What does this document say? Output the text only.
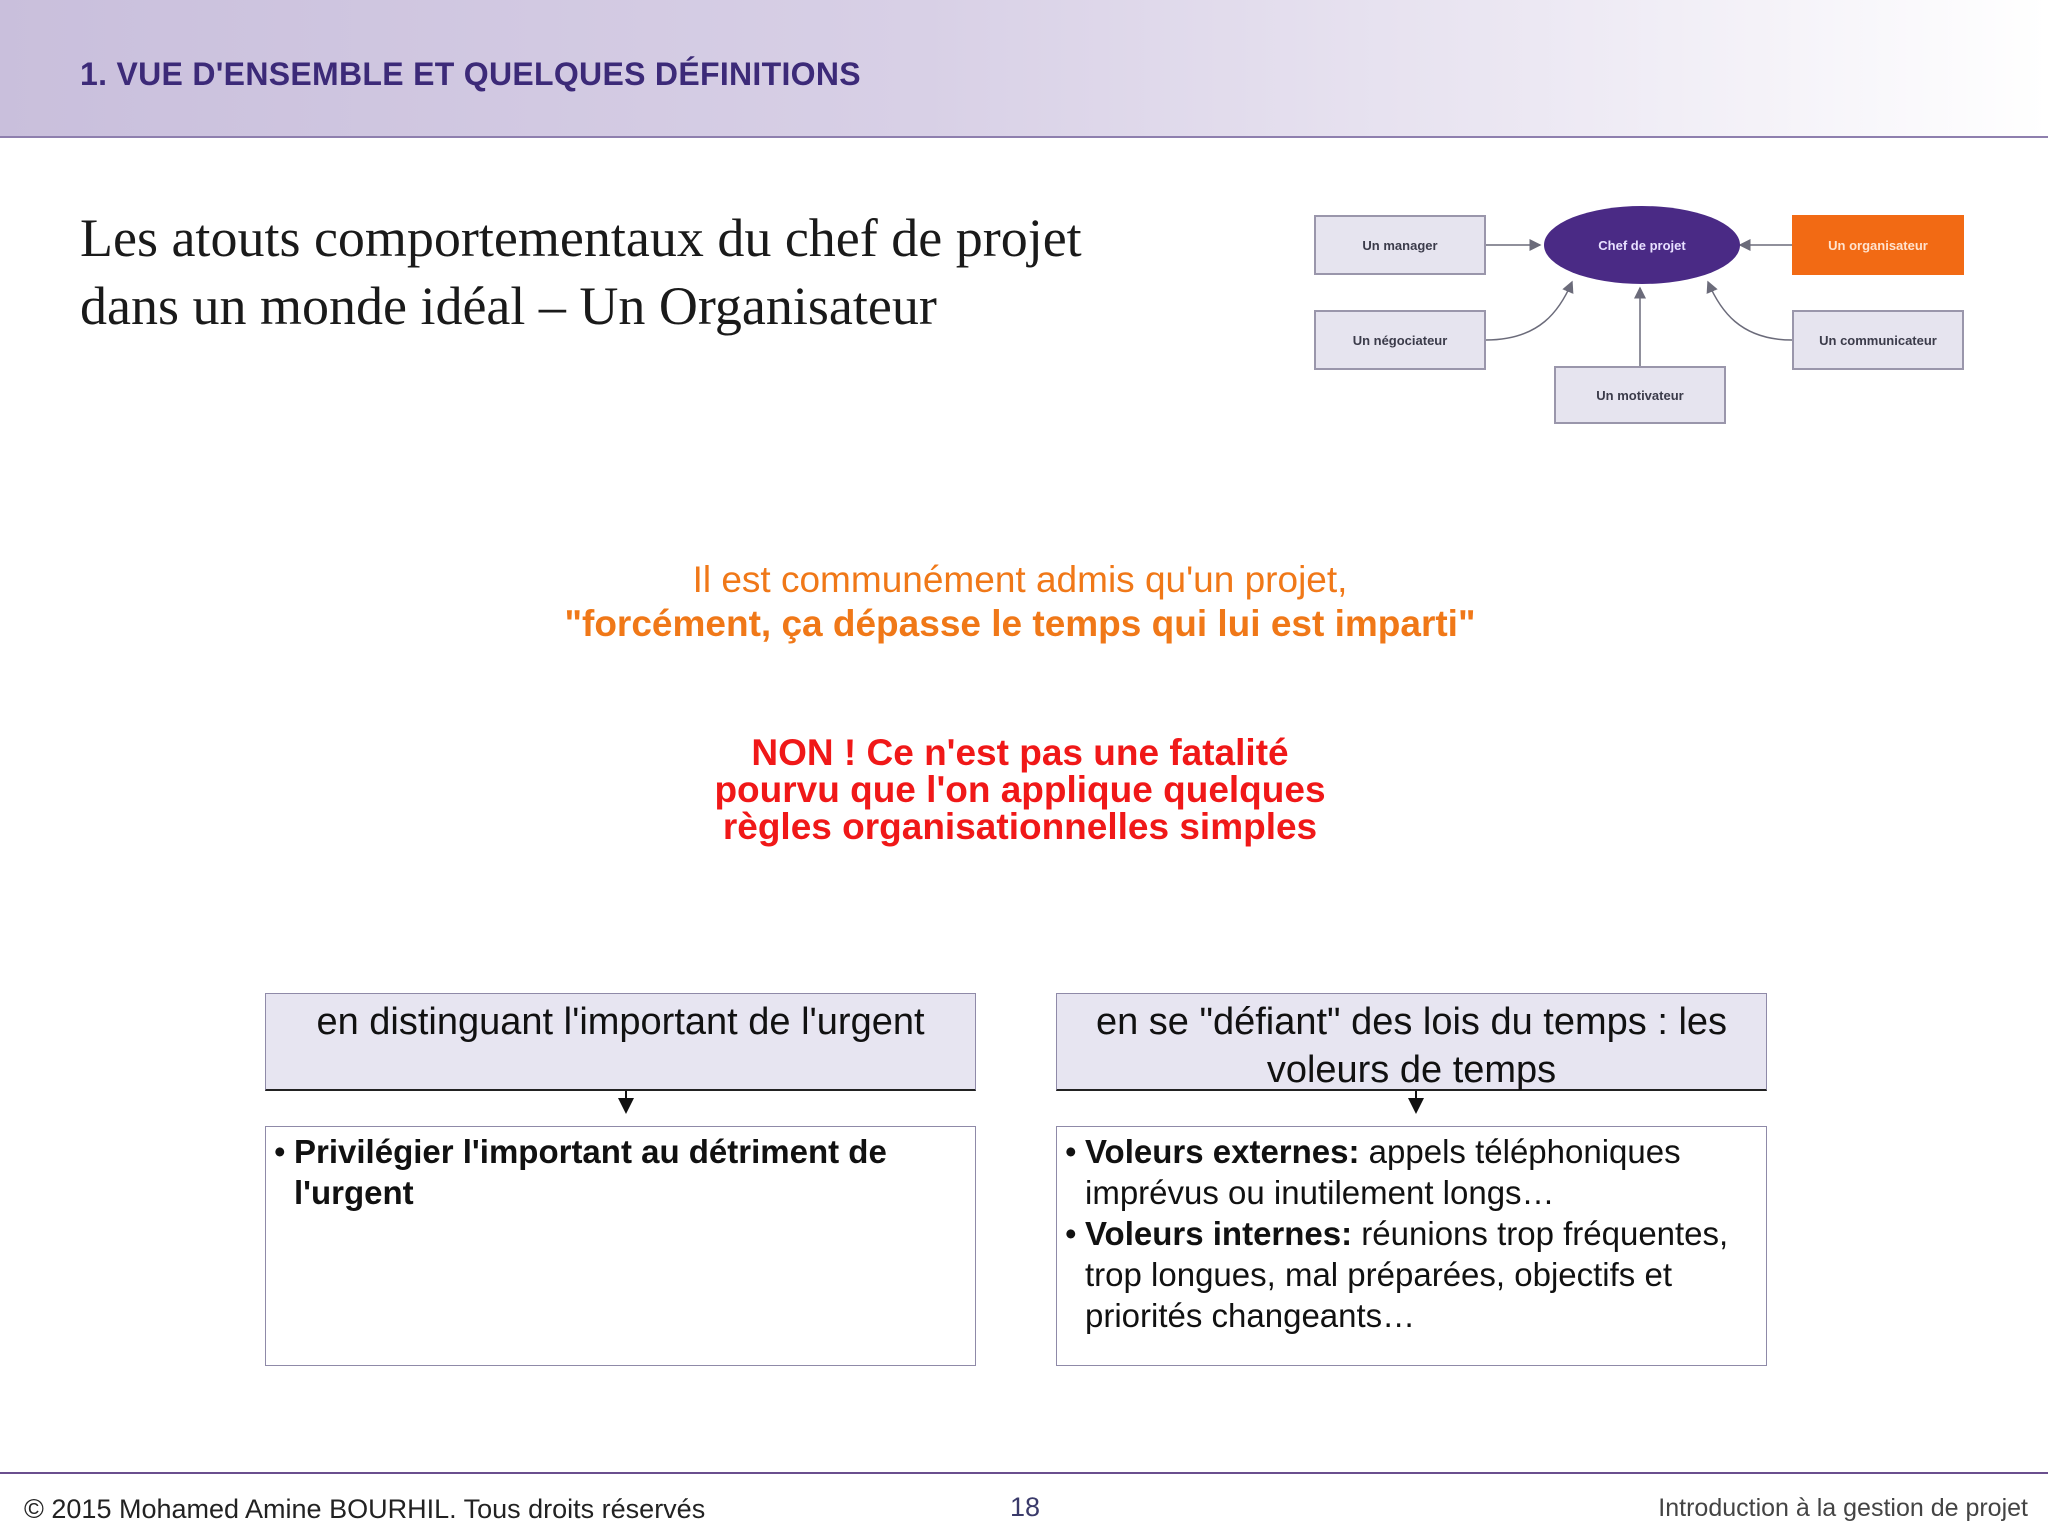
1. VUE D'ENSEMBLE ET QUELQUES DÉFINITIONS
Les atouts comportementaux du chef de projet
dans un monde idéal – Un Organisateur
Un manager	Chef de projet	Un organisateur
Un négociateur	Un communicateur
Un motivateur
Il est communément admis qu'un projet,
"forcément, ça dépasse le temps qui lui est imparti"
NON ! Ce n'est pas une fatalité
pourvu que l'on applique quelques
règles organisationnelles simples
en distinguant l'important de l'urgent
• Privilégier l'important au détriment de l'urgent
en se "défiant" des lois du temps : les voleurs de temps
• Voleurs externes: appels téléphoniques imprévus ou inutilement longs…
• Voleurs internes: réunions trop fréquentes, trop longues, mal préparées, objectifs et priorités changeants…
© 2015 Mohamed Amine BOURHIL. Tous droits réservés	18	Introduction à la gestion de projet
